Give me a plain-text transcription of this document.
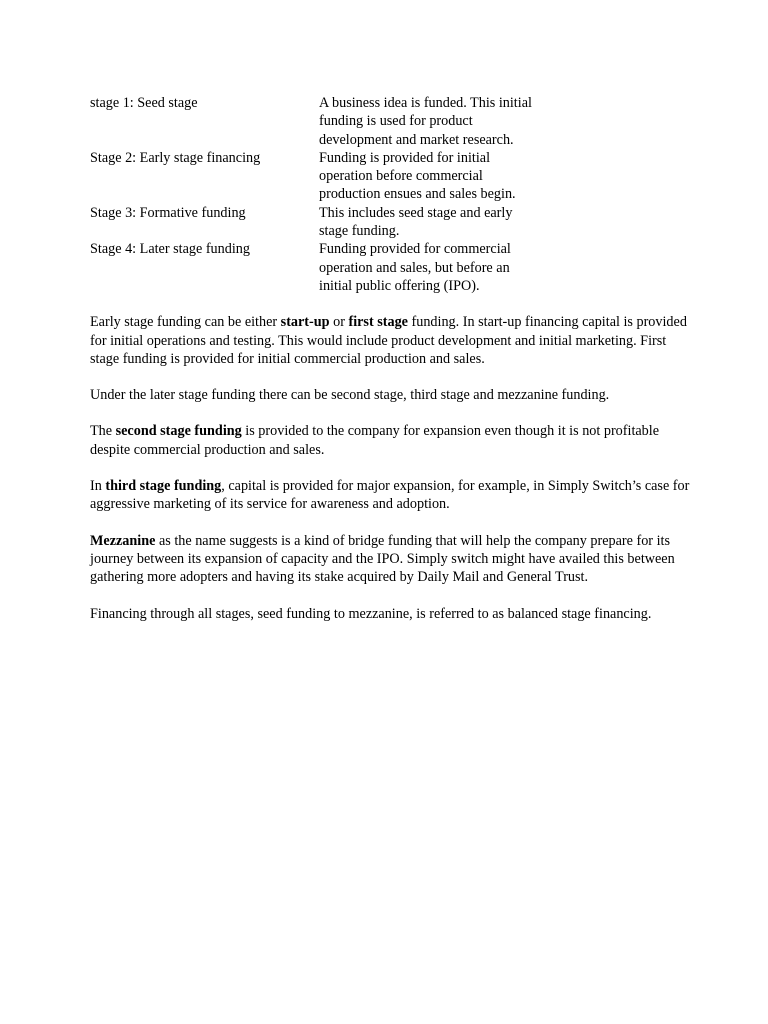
stage 1: Seed stage	A business idea is funded. This initial funding is used for product development and market research.
Stage 2: Early stage financing	Funding is provided for initial operation before commercial production ensues and sales begin.
Stage 3: Formative funding	This includes seed stage and early stage funding.
Stage 4: Later stage funding	Funding provided for commercial operation and sales, but before an initial public offering (IPO).

Early stage funding can be either start-up or first stage funding. In start-up financing capital is provided for initial operations and testing. This would include product development and initial marketing. First stage funding is provided for initial commercial production and sales.

Under the later stage funding there can be second stage, third stage and mezzanine funding.

The second stage funding is provided to the company for expansion even though it is not profitable despite commercial production and sales.

In third stage funding, capital is provided for major expansion, for example, in Simply Switch’s case for aggressive marketing of its service for awareness and adoption.

Mezzanine as the name suggests is a kind of bridge funding that will help the company prepare for its journey between its expansion of capacity and the IPO. Simply switch might have availed this between gathering more adopters and having its stake acquired by Daily Mail and General Trust.

Financing through all stages, seed funding to mezzanine, is referred to as balanced stage financing.
